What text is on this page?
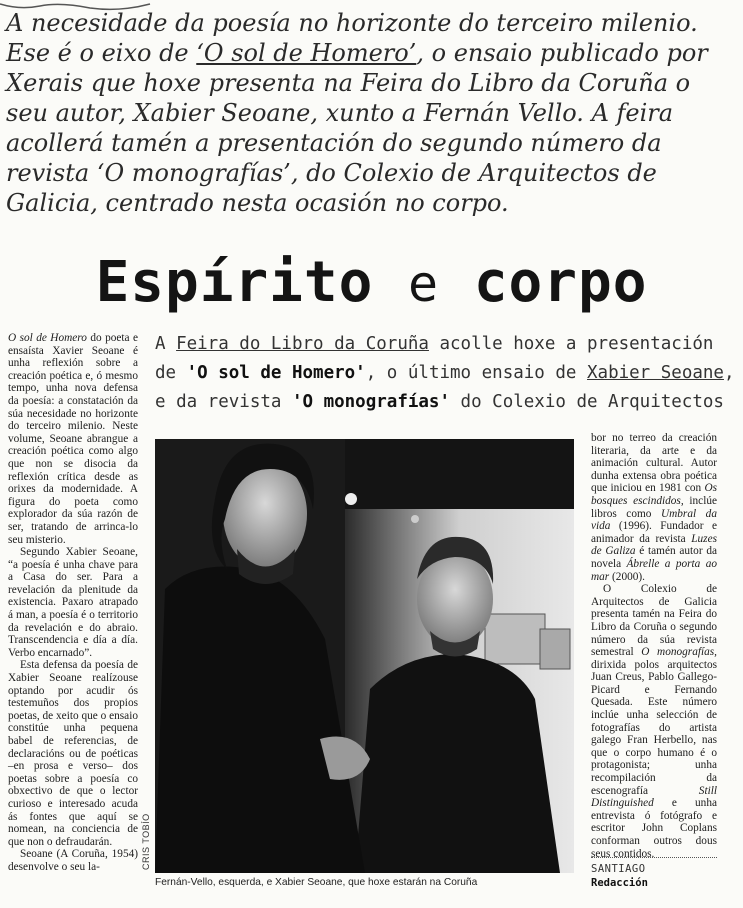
A necesidade da poesía no horizonte do terceiro milenio. Ese é o eixo de ‘O sol de Homero’, o ensaio publicado por Xerais que hoxe presenta na Feira do Libro da Coruña o seu autor, Xabier Seoane, xunto a Fernán Vello. A feira acollerá tamén a presentación do segundo número da revista ‘O monografías’, do Colexio de Arquitectos de Galicia, centrado nesta ocasión no corpo.

Espírito e corpo
A Feira do Libro da Coruña acolle hoxe a presentación de 'O sol de Homero', o último ensaio de Xabier Seoane, e da revista 'O monografías' do Colexio de Arquitectos

O sol de Homero do poeta e ensaísta Xavier Seoane é unha reflexión sobre a creación poética e, ó mesmo tempo, unha nova defensa da poesía: a constatación da súa necesidade no horizonte do terceiro milenio. Neste volume, Seoane abrangue a creación poética como algo que non se disocia da reflexión crítica desde as orixes da modernidade. A figura do poeta como explorador da súa razón de ser, tratando de arrinca-lo seu misterio.

Segundo Xabier Seoane, “a poesía é unha chave para a Casa do ser. Para a revelación da plenitude da existencia. Paxaro atrapado á man, a poesía é o territorio da revelación e do abraio. Transcendencia e día a día. Verbo encarnado”.

Esta defensa da poesía de Xabier Seoane realízouse optando por acudir ós testemuños dos propios poetas, de xeito que o ensaio constitúe unha pequena babel de referencias, de declaracións ou de poéticas –en prosa e verso– dos poetas sobre a poesía co obxectivo de que o lector curioso e interesado acuda ás fontes que aquí se nomean, na conciencia de que non o defraudarán.

Seoane (A Coruña, 1954) desenvolve o seu la-	CRIS TOBÍO
Fernán-Vello, esquerda, e Xabier Seoane, que hoxe estarán na Coruña

bor no terreo da creación literaria, da arte e da animación cultural. Autor dunha extensa obra poética que iniciou en 1981 con Os bosques escindidos, inclúe libros como Umbral da vida (1996). Fundador e animador da revista Luzes de Galiza é tamén autor da novela Ábrelle a porta ao mar (2000).

O Colexio de Arquitectos de Galicia presenta tamén na Feira do Libro da Coruña o segundo número da súa revista semestral O monografías, dirixida polos arquitectos Juan Creus, Pablo Gallego-Picard e Fernando Quesada. Este número inclúe unha selección de fotografías do artista galego Fran Herbello, nas que o corpo humano é o protagonista; unha recompilación da escenografía Still Distinguished e unha entrevista ó fotógrafo e escritor John Coplans conforman outros dous seus contidos.

SANTIAGO
Redacción
